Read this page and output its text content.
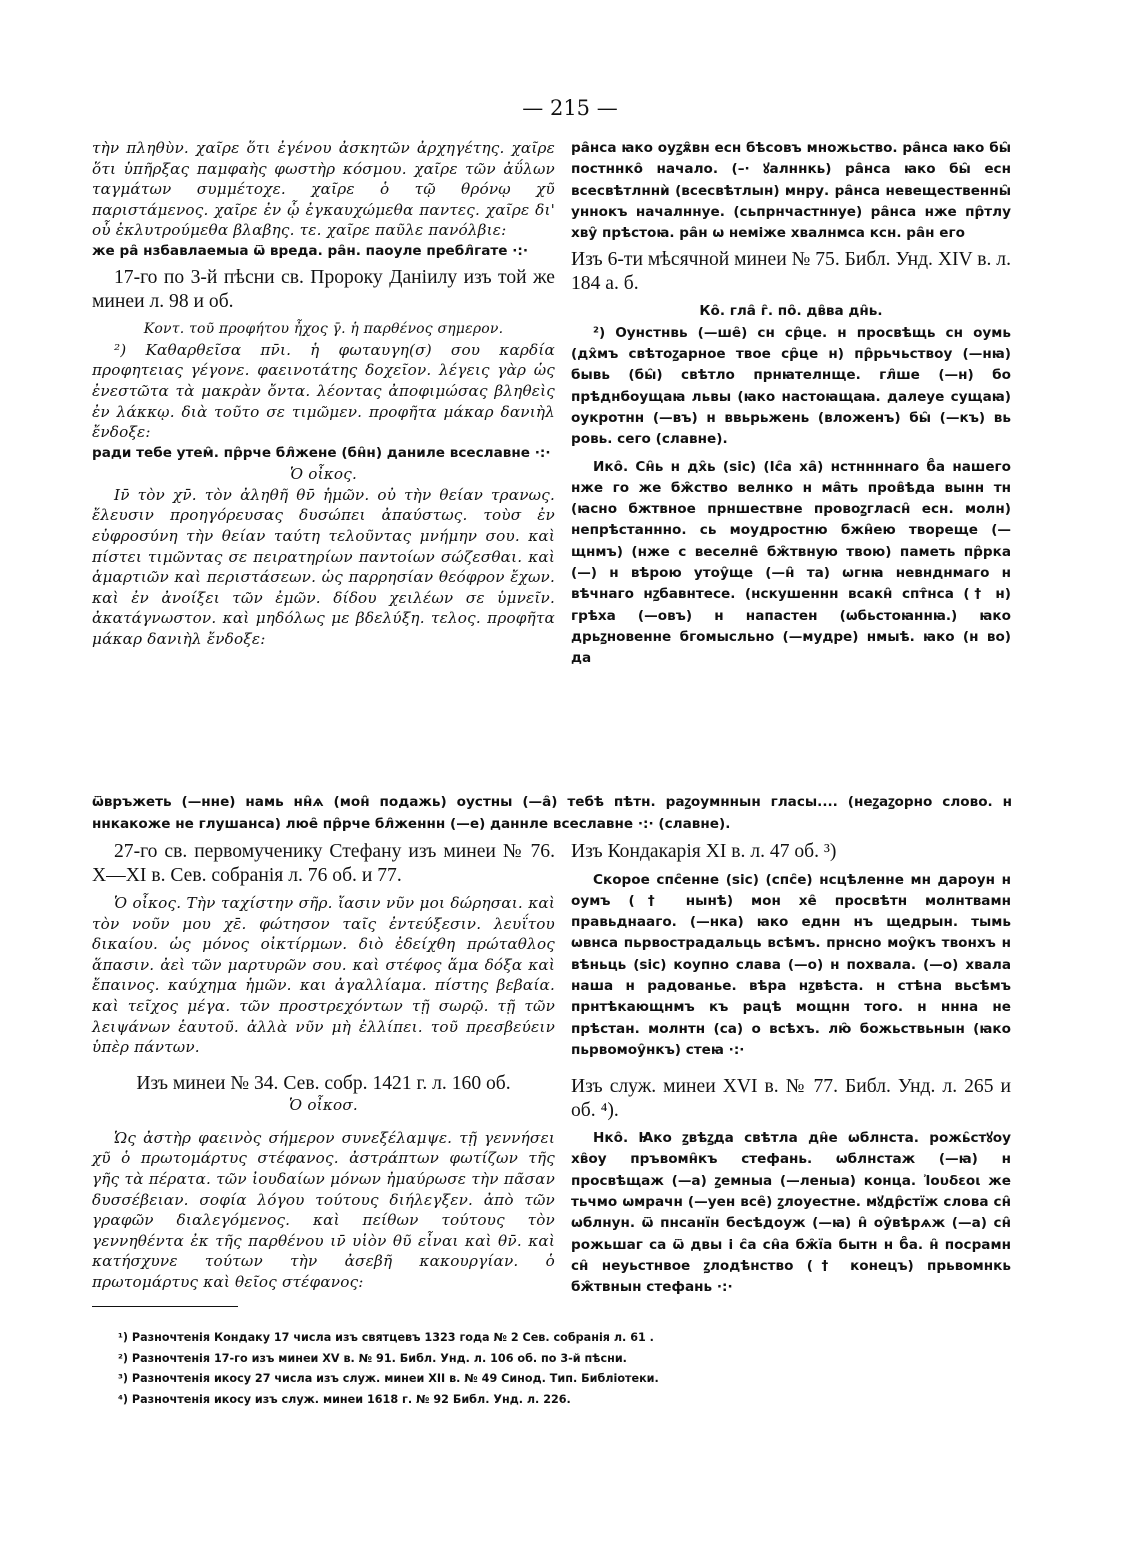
— 215 —

τὴν πληθὺν. χαῖρε ὅτι ἐγένου ἀσκητῶν ἀρχηγέτης. χαῖρε ὅτι ὑπῆρξας παμφαὴς φωστὴρ κόσμου. χαῖρε τῶν ἀΰλων ταγμάτων συμμέτοχε. χαῖρε ὁ τῷ θρόνῳ χῦ παριστάμενος. χαῖρε ἐν ᾧ ἐγκαυχώμεθα παντες. χαῖρε δι' οὗ ἐκλυτρούμεθα βλαβης. τε. χαῖρε παῦλε πανόλβιε:

же ра̑ нзбавлаемыа ѿ вреда. ра̑н. паоуле пребл̑гате ·:·

17-го по 3-й пѣсни св. Пророку Даніилу изъ той же минеи л. 98 и об.

Κοντ. τοῦ προφήτου ἦχος γ̄. ἡ παρθένος σημερον.

²) Καθαρθεῖσα πν̄ι. ἡ φωταυγη(σ) σου καρδία προφητειας γέγονε. φαεινοτάτης δοχεῖον. λέγεις γὰρ ὡς ἐνεστῶτα τὰ μακρὰν ὄντα. λέοντας ἀποφιμώσας βληθεὶς ἐν λάκκῳ. διὰ τοῦτο σε τιμῶμεν. προφῆτα μάκαρ δανιὴλ ἔνδοξε:

ради тебе утем̑. пр̑рче бл̑жене (бн̑н) даниле всеславне ·:·

Ὁ οἶκος.

Ιν̄ τὸν χν̄. τὸν ἀληθῆ θν̄ ἡμῶν. οὐ τὴν θείαν τρανως. ἔλευσιν προηγόρευσας δυσώπει ἀπαύστως. τοὺσ ἐν εὐφροσύνη τὴν θείαν ταύτη τελοῦντας μνήμην σου. καὶ πίστει τιμῶντας σε πειρατηρίων παντοίων σώζεσθαι. καὶ ἁμαρτιῶν καὶ περιστάσεων. ὡς παρρησίαν θεόφρον ἔχων. καὶ ἐν ἀνοίξει τῶν ἐμῶν. δίδου χειλέων σε ὑμνεῖν. ἀκατάγνωστον. καὶ μηδόλως με βδελύξη. τελος. προφῆτα μάκαρ δανιὴλ ἔνδοξε:

ра̑нса ꙗко оуꙁѫ̑вн есн бѣсовъ множьство. ра̑нса ꙗко бы̑ постннко̑ начало. (–· ꙋалннкь) ра̑нса ꙗко бы̑ есн всесвѣтлннѝ (всесвѣтлын) мнру. ра̑нса невещественны̑ уннокъ началннуе. (сьпрнчастннуе) ра̑нса нже пр̑тлу хву̑ прѣстоꙗ. ра̑н ѡ неміже хвалнмса ксн. ра̑н его

Изъ 6-ти мѣсячной минеи № 75. Библ. Унд. XIV в. л. 184 а. б.

Ко̑. гла̑ г̑. по̑. дв̑ва дн̑ь.

²) Оунстнвь (—ше̑) сн ср̑це. н просвѣщь сн оумь (дх̑мъ свѣтоꙁарное твое ср̑це н) пр̑рьчьствоу (—нꙗ) бывь (бы̑) свѣтло прнꙗтелнще. гл̑ше (—н) бо прѣднбоущаꙗ львы (ꙗко настоꙗщаꙗ. далеуе сущаꙗ) оукротнн (—въ) н ввьрьжень (вложенъ) бы̑ (—къ) вь ровь. сего (славне).

Ико̑. Сн̑ь н дх̑ь (sic) (Іс̑а ха̑) нстннннаго б̑а нашего нже го же бж̑ство велнко н ма̑ть пров̑ѣда вынн тн (ꙗсно бжтвное прншествне провоꙁгласн̑ есн. молн) непрѣстаннно. сь моудростню бжн̑ею твореще (—щнмъ) (нже с веселне̑ бж̑твную твою) паметь пр̑рка (—) н вѣрою утоу̑ще (—н̑ та) ѡгнꙗ невнднмаго н вѣчнаго нꙁбавнтесе. (нскушеннн всакн̑ спт̑нса († н) грѣха (—овъ) н напастен (ѡбьстоꙗннꙗ.) ꙗко дрьꙁновенне бгомысльно (—мудре) нмыѣ. ꙗко (н во) да

ѿвръжеть (—нне) намь нн̑ѧ (мон̑ подажь) оустны (—а̑) тебѣ пѣтн. раꙁоумннын гласы.... (неꙁаꙁорно слово. н ннкакоже не глушанса) люе̑ пр̑рче бл̑женнн (—е) даннле всеславне ·:· (славне).

27-го св. первомученику Стефану изъ минеи № 76. X—XI в. Сев. собранія л. 76 об. и 77.

Ὁ οἶκος. Τὴν ταχίστην σῆρ. ἴασιν νῦν μοι δώρησαι. καὶ τὸν νοῦν μου χε̄. φώτησον ταῖς ἐντεύξεσιν. λευΐτου δικαίου. ὡς μόνος οἰκτίρμων. διὸ ἐδείχθη πρώταθλος ἅπασιν. ἀεὶ τῶν μαρτυρῶν σου. καὶ στέφος ἅμα δόξα καὶ ἔπαινος. καύχημα ἡμῶν. και ἀγαλλίαμα. πίστης βεβαία. καὶ τεῖχος μέγα. τῶν προστρεχόντων τῇ σωρῷ. τῇ τῶν λειψάνων ἑαυτοῦ. ἀλλὰ νῦν μὴ ἐλλίπει. τοῦ πρεσβεύειν ὑπὲρ πάντων.

Изъ минеи № 34. Сев. собр. 1421 г. л. 160 об.

Ὁ οἶκοσ.

Ὡς ἀστὴρ φαεινὸς σήμερον συνεξέλαμψε. τῇ γεννήσει χῦ ὁ πρωτομάρτυς στέφανος. ἀστράπτων φωτίζων τῆς γῆς τὰ πέρατα. τῶν ἰουδαίων μόνων ἠμαύρωσε τὴν πᾶσαν δυσσέβειαν. σοφία λόγου τούτους διήλεγξεν. ἀπὸ τῶν γραφῶν διαλεγόμενος. καὶ πείθων τούτους τὸν γεννηθέντα ἐκ τῆς παρθένου ιν̄ υἱὸν θῦ εἶναι καὶ θν̄. καὶ κατήσχυνε τούτων τὴν ἀσεβῆ κακουργίαν. ὁ πρωτομάρτυς καὶ θεῖος στέφανος:

Изъ Кондакарія XI в. л. 47 об. ³)

Скорое спс̑енне (sic) (спс̑е) нсцѣленне мн дароун н оумъ († нынѣ) мон хе̑ просвѣтн молнтвамн правьднааго. (—нка) ꙗко еднн нъ щедрын. тымь ѡвнса пьрвострадальць всѣмъ. прнсно моу̑къ твонхъ н вѣньць (sic) коупно слава (—о) н похвала. (—о) хвала наша н радованье. вѣра нꙁвѣста. н стѣна вьсѣмъ прнтѣкающнмъ къ рацѣ мощнн того. н ннна не прѣстан. молнтн (са) о всѣхъ. лю̑ божьствьнын (ꙗко пьрвомоу̑нкъ) стеꙗ ·:·

Изъ служ. минеи XVI в. № 77. Библ. Унд. л. 265 и об. ⁴).

Нко̑. Ꙗко ꙁвѣꙁда свѣтла дн̑е ѡблнста. рожь̑стꙋоу хв̑оу пръвомн̑къ стефань. ѡблнстаж (—ꙗ) н просвѣщаж (—а) ꙁемныа (—леныа) конца. Ἰουδεοι же тьчмо ѡмрачн (—уен все̑) ꙁлоуестне. мꙋдр̑стїж слова сн̑ ѡблнун. ѿ пнсанїн бесѣдоуж (—ꙗ) н̑ оу̑вѣрѧж (—а) сн̑ рожьшаг са ѿ двы і с̑а сн̑а бж̑їа бытн н б̑а. н̑ посрамн сн̑ неуьстнвое ꙁлодѣнство († конецъ) прьвомнкь бж̑твнын стефань ·:·

¹) Разночтенія Кондаку 17 числа изъ святцевъ 1323 года № 2 Сев. собранія л. 61 .
²) Разночтенія 17-го изъ минеи XV в. № 91. Библ. Унд. л. 106 об. по 3-й пѣсни.
³) Разночтенія икосу 27 числа изъ служ. минеи XII в. № 49 Синод. Тип. Библіотеки.
⁴) Разночтенія икосу изъ служ. минеи 1618 г. № 92 Библ. Унд. л. 226.
